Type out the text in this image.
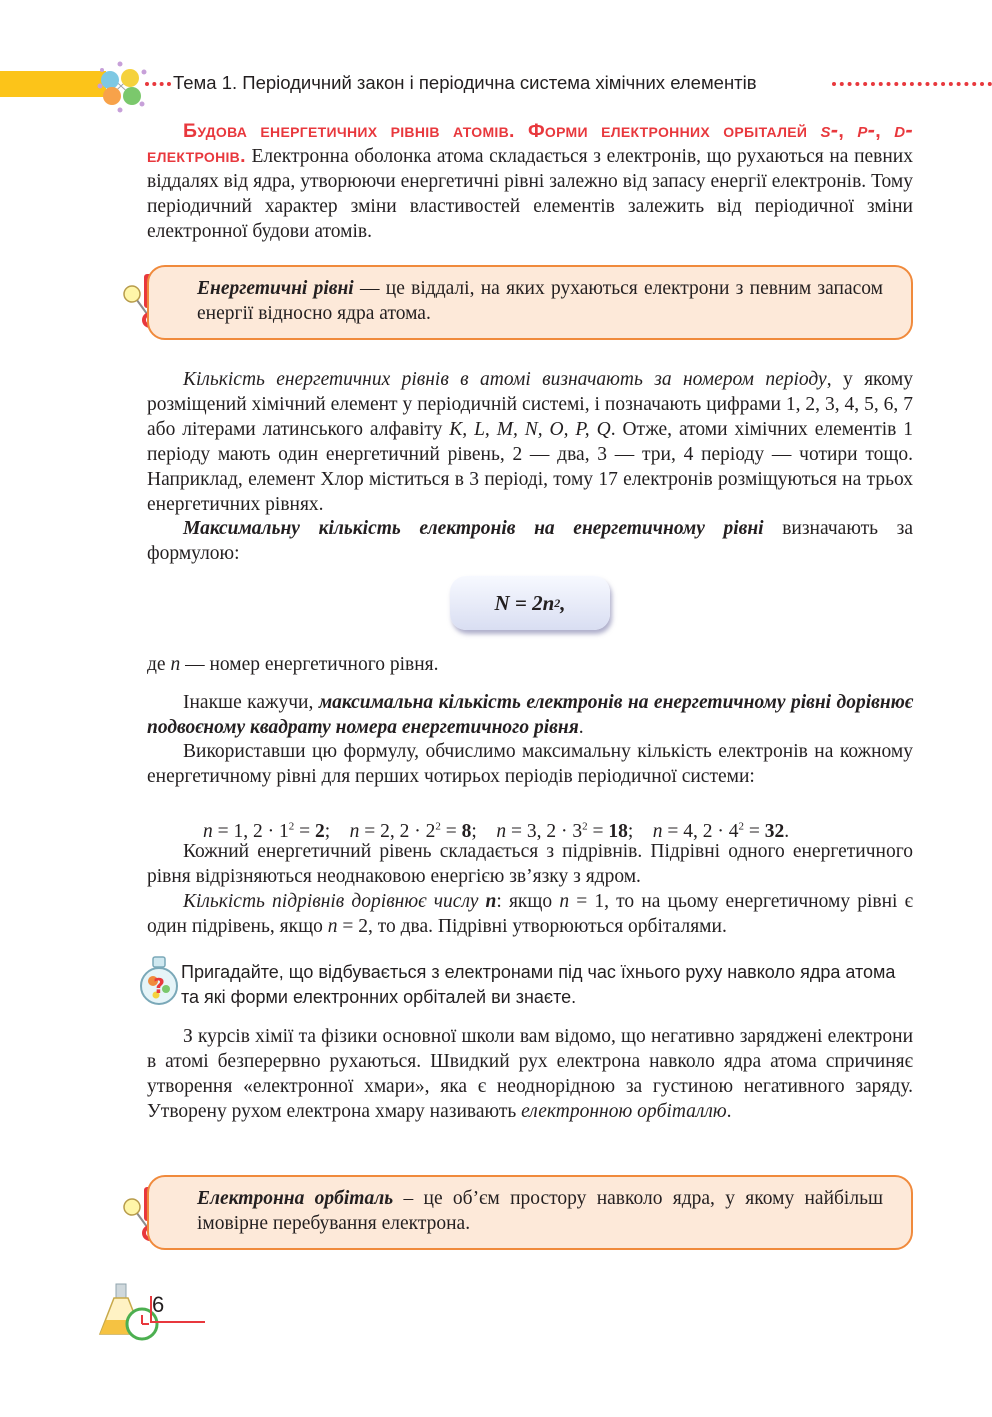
Тема 1. Періодичний закон і періодична система хімічних елементів

Будова енергетичних рівнів атомів. Форми електронних орбіталей s-, p-, d-електронів. Електронна оболонка атома складається з електронів, що рухаються на певних віддалях від ядра, утворюючи енергетичні рівні залежно від запасу енергії електронів. Тому періодичний характер зміни властивостей елементів залежить від періодичної зміни електронної будови атомів.

Енергетичні рівні — це віддалі, на яких рухаються електрони з певним запасом енергії відносно ядра атома.

Кількість енергетичних рівнів в атомі визначають за номером періоду, у якому розміщений хімічний елемент у періодичній системі, і позначають цифрами 1, 2, 3, 4, 5, 6, 7 або літерами латинського алфавіту K, L, M, N, O, P, Q. Отже, атоми хімічних елементів 1 періоду мають один енергетичний рівень, 2 — два, 3 — три, 4 періоду — чотири тощо. Наприклад, елемент Хлор міститься в 3 періоді, тому 17 електронів розміщуються на трьох енергетичних рівнях.

Максимальну кількість електронів на енергетичному рівні визначають за формулою:

N = 2n 2 ,

де n — номер енергетичного рівня.

Інакше кажучи, максимальна кількість електронів на енергетичному рівні дорівнює подвоєному квадрату номера енергетичного рівня.

Використавши цю формулу, обчислимо максимальну кількість електронів на кожному енергетичному рівні для перших чотирьох періодів періодичної системи:

n = 1, $2 \cdot 1^2 = 2$; n = 2, $2 \cdot 2^2 = 8$; n = 3, $2 \cdot 3^2 = 18$; n = 4, $2 \cdot 4^2 = 32$.

Кожний енергетичний рівень складається з підрівнів. Підрівні одного енергетичного рівня відрізняються неоднаковою енергією зв’язку з ядром.

Кількість підрівнів дорівнює числу n: якщо n = 1, то на цьому енергетичному рівні є один підрівень, якщо n = 2, то два. Підрівні утворюються орбіталями.

?
Пригадайте, що відбувається з електронами під час їхнього руху навколо ядра атома та які форми електронних орбіталей ви знаєте.

З курсів хімії та фізики основної школи вам відомо, що негативно заряджені електрони в атомі безперервно рухаються. Швидкий рух електрона навколо ядра атома спричиняє утворення «електронної хмари», яка є неоднорідною за густиною негативного заряду. Утворену рухом електрона хмару називають електронною орбіталлю.

Електронна орбіталь – це об’єм простору навколо ядра, у якому найбільш імовірне перебування електрона.
6
